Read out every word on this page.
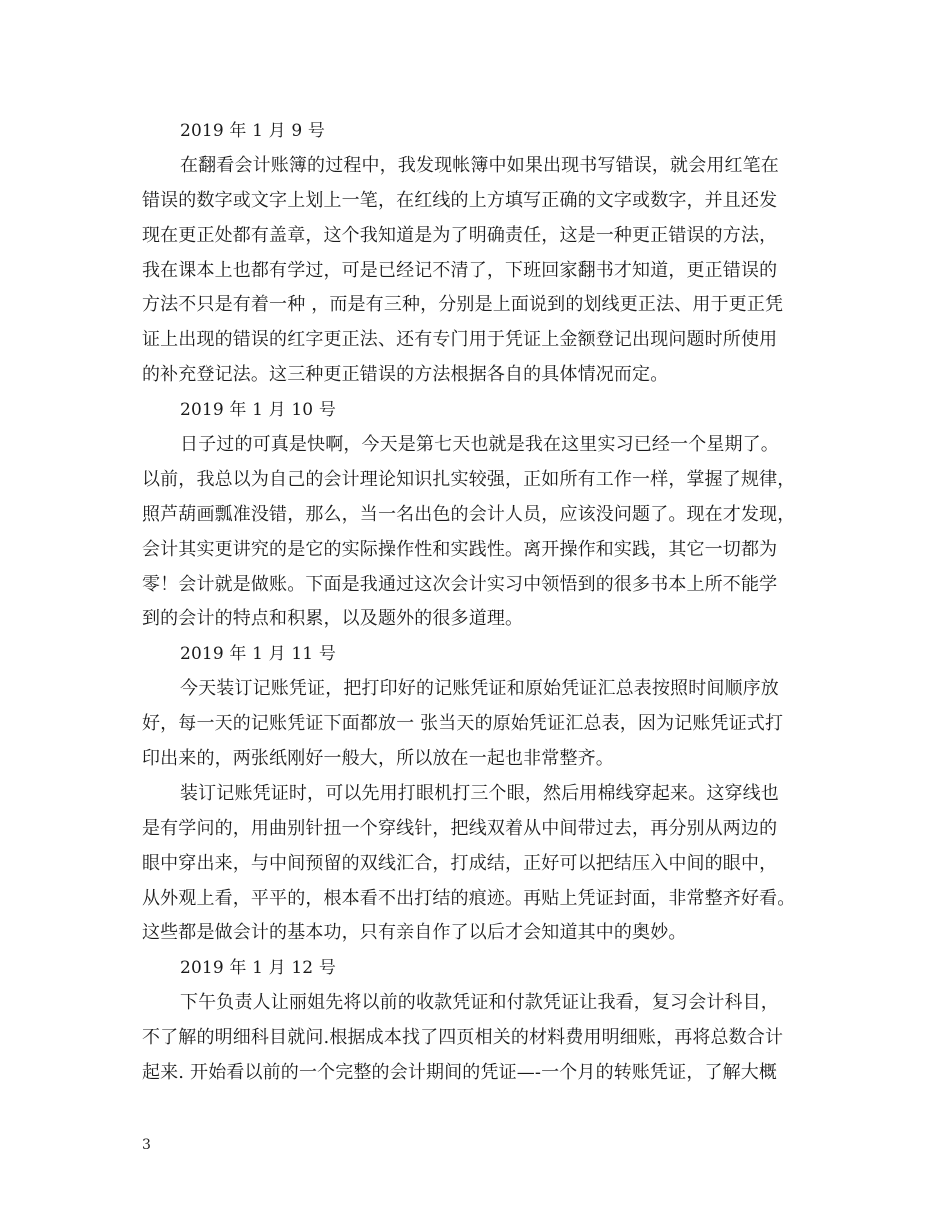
2019 年 1 月 9 号
在翻看会计账簿的过程中，我发现帐簿中如果出现书写错误，就会用红笔在
错误的数字或文字上划上一笔，在红线的上方填写正确的文字或数字，并且还发
现在更正处都有盖章，这个我知道是为了明确责任，这是一种更正错误的方法，
我在课本上也都有学过，可是已经记不清了，下班回家翻书才知道，更正错误的
方法不只是有着一种 ，而是有三种，分别是上面说到的划线更正法、用于更正凭
证上出现的错误的红字更正法、还有专门用于凭证上金额登记出现问题时所使用
的补充登记法。这三种更正错误的方法根据各自的具体情况而定。
2019 年 1 月 10 号
日子过的可真是快啊，今天是第七天也就是我在这里实习已经一个星期了。
以前，我总以为自己的会计理论知识扎实较强，正如所有工作一样，掌握了规律，
照芦葫画瓢准没错，那么，当一名出色的会计人员，应该没问题了。现在才发现，
会计其实更讲究的是它的实际操作性和实践性。离开操作和实践，其它一切都为
零！会计就是做账。下面是我通过这次会计实习中领悟到的很多书本上所不能学
到的会计的特点和积累，以及题外的很多道理。
2019 年 1 月 11 号
今天装订记账凭证，把打印好的记账凭证和原始凭证汇总表按照时间顺序放
好，每一天的记账凭证下面都放一 张当天的原始凭证汇总表，因为记账凭证式打
印出来的，两张纸刚好一般大，所以放在一起也非常整齐。
装订记账凭证时，可以先用打眼机打三个眼，然后用棉线穿起来。这穿线也
是有学问的，用曲别针扭一个穿线针，把线双着从中间带过去，再分别从两边的
眼中穿出来，与中间预留的双线汇合，打成结，正好可以把结压入中间的眼中，
从外观上看，平平的，根本看不出打结的痕迹。再贴上凭证封面，非常整齐好看。
这些都是做会计的基本功，只有亲自作了以后才会知道其中的奥妙。
2019 年 1 月 12 号
下午负责人让丽姐先将以前的收款凭证和付款凭证让我看，复习会计科目，
不了解的明细科目就问.根据成本找了四页相关的材料费用明细账，再将总数合计
起来. 开始看以前的一个完整的会计期间的凭证—-一个月的转账凭证，了解大概
3
